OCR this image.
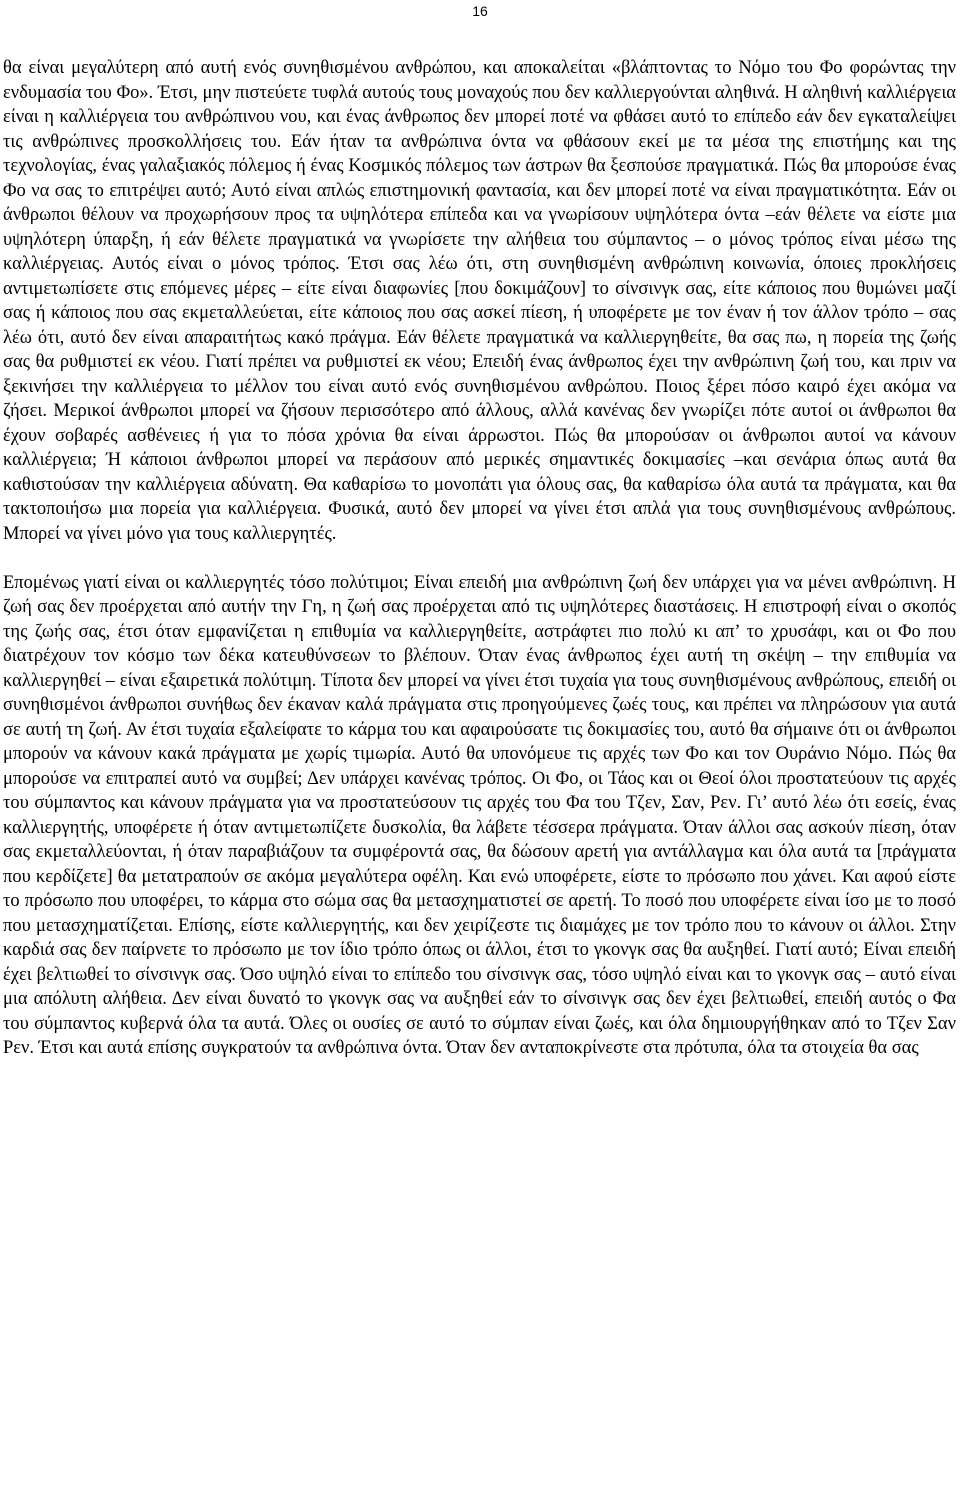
16

θα είναι μεγαλύτερη από αυτή ενός συνηθισμένου ανθρώπου, και αποκαλείται «βλάπτοντας το Νόμο του Φο φορώντας την ενδυμασία του Φο». Έτσι, μην πιστεύετε τυφλά αυτούς τους μοναχούς που δεν καλλιεργούνται αληθινά. Η αληθινή καλλιέργεια είναι η καλλιέργεια του ανθρώπινου νου, και ένας άνθρωπος δεν μπορεί ποτέ να φθάσει αυτό το επίπεδο εάν δεν εγκαταλείψει τις ανθρώπινες προσκολλήσεις του. Εάν ήταν τα ανθρώπινα όντα να φθάσουν εκεί με τα μέσα της επιστήμης και της τεχνολογίας, ένας γαλαξιακός πόλεμος ή ένας Κοσμικός πόλεμος των άστρων θα ξεσπούσε πραγματικά. Πώς θα μπορούσε ένας Φο να σας το επιτρέψει αυτό; Αυτό είναι απλώς επιστημονική φαντασία, και δεν μπορεί ποτέ να είναι πραγματικότητα. Εάν οι άνθρωποι θέλουν να προχωρήσουν προς τα υψηλότερα επίπεδα και να γνωρίσουν υψηλότερα όντα –εάν θέλετε να είστε μια υψηλότερη ύπαρξη, ή εάν θέλετε πραγματικά να γνωρίσετε την αλήθεια του σύμπαντος – ο μόνος τρόπος είναι μέσω της καλλιέργειας. Αυτός είναι ο μόνος τρόπος. Έτσι σας λέω ότι, στη συνηθισμένη ανθρώπινη κοινωνία, όποιες προκλήσεις αντιμετωπίσετε στις επόμενες μέρες – είτε είναι διαφωνίες [που δοκιμάζουν] το σίνσινγκ σας, είτε κάποιος που θυμώνει μαζί σας ή κάποιος που σας εκμεταλλεύεται, είτε κάποιος που σας ασκεί πίεση, ή υποφέρετε με τον έναν ή τον άλλον τρόπο – σας λέω ότι, αυτό δεν είναι απαραιτήτως κακό πράγμα. Εάν θέλετε πραγματικά να καλλιεργηθείτε, θα σας πω, η πορεία της ζωής σας θα ρυθμιστεί εκ νέου. Γιατί πρέπει να ρυθμιστεί εκ νέου; Επειδή ένας άνθρωπος έχει την ανθρώπινη ζωή του, και πριν να ξεκινήσει την καλλιέργεια το μέλλον του είναι αυτό ενός συνηθισμένου ανθρώπου. Ποιος ξέρει πόσο καιρό έχει ακόμα να ζήσει. Μερικοί άνθρωποι μπορεί να ζήσουν περισσότερο από άλλους, αλλά κανένας δεν γνωρίζει πότε αυτοί οι άνθρωποι θα έχουν σοβαρές ασθένειες ή για το πόσα χρόνια θα είναι άρρωστοι. Πώς θα μπορούσαν οι άνθρωποι αυτοί να κάνουν καλλιέργεια; Ή κάποιοι άνθρωποι μπορεί να περάσουν από μερικές σημαντικές δοκιμασίες –και σενάρια όπως αυτά θα καθιστούσαν την καλλιέργεια αδύνατη. Θα καθαρίσω το μονοπάτι για όλους σας, θα καθαρίσω όλα αυτά τα πράγματα, και θα τακτοποιήσω μια πορεία για καλλιέργεια. Φυσικά, αυτό δεν μπορεί να γίνει έτσι απλά για τους συνηθισμένους ανθρώπους. Μπορεί να γίνει μόνο για τους καλλιεργητές.

Επομένως γιατί είναι οι καλλιεργητές τόσο πολύτιμοι; Είναι επειδή μια ανθρώπινη ζωή δεν υπάρχει για να μένει ανθρώπινη. Η ζωή σας δεν προέρχεται από αυτήν την Γη, η ζωή σας προέρχεται από τις υψηλότερες διαστάσεις. Η επιστροφή είναι ο σκοπός της ζωής σας, έτσι όταν εμφανίζεται η επιθυμία να καλλιεργηθείτε, αστράφτει πιο πολύ κι απ’ το χρυσάφι, και οι Φο που διατρέχουν τον κόσμο των δέκα κατευθύνσεων το βλέπουν. Όταν ένας άνθρωπος έχει αυτή τη σκέψη – την επιθυμία να καλλιεργηθεί – είναι εξαιρετικά πολύτιμη. Τίποτα δεν μπορεί να γίνει έτσι τυχαία για τους συνηθισμένους ανθρώπους, επειδή οι συνηθισμένοι άνθρωποι συνήθως δεν έκαναν καλά πράγματα στις προηγούμενες ζωές τους, και πρέπει να πληρώσουν για αυτά σε αυτή τη ζωή. Αν έτσι τυχαία εξαλείφατε το κάρμα του και αφαιρούσατε τις δοκιμασίες του, αυτό θα σήμαινε ότι οι άνθρωποι μπορούν να κάνουν κακά πράγματα με χωρίς τιμωρία. Αυτό θα υπονόμευε τις αρχές των Φο και τον Ουράνιο Νόμο. Πώς θα μπορούσε να επιτραπεί αυτό να συμβεί; Δεν υπάρχει κανένας τρόπος. Οι Φο, οι Τάος και οι Θεοί όλοι προστατεύουν τις αρχές του σύμπαντος και κάνουν πράγματα για να προστατεύσουν τις αρχές του Φα του Τζεν, Σαν, Ρεν. Γι’ αυτό λέω ότι εσείς, ένας καλλιεργητής, υποφέρετε ή όταν αντιμετωπίζετε δυσκολία, θα λάβετε τέσσερα πράγματα. Όταν άλλοι σας ασκούν πίεση, όταν σας εκμεταλλεύονται, ή όταν παραβιάζουν τα συμφέροντά σας, θα δώσουν αρετή για αντάλλαγμα και όλα αυτά τα [πράγματα που κερδίζετε] θα μετατραπούν σε ακόμα μεγαλύτερα οφέλη. Και ενώ υποφέρετε, είστε το πρόσωπο που χάνει. Και αφού είστε το πρόσωπο που υποφέρει, το κάρμα στο σώμα σας θα μετασχηματιστεί σε αρετή. Το ποσό που υποφέρετε είναι ίσο με το ποσό που μετασχηματίζεται. Επίσης, είστε καλλιεργητής, και δεν χειρίζεστε τις διαμάχες με τον τρόπο που το κάνουν οι άλλοι. Στην καρδιά σας δεν παίρνετε το πρόσωπο με τον ίδιο τρόπο όπως οι άλλοι, έτσι το γκονγκ σας θα αυξηθεί. Γιατί αυτό; Είναι επειδή έχει βελτιωθεί το σίνσινγκ σας. Όσο υψηλό είναι το επίπεδο του σίνσινγκ σας, τόσο υψηλό είναι και το γκονγκ σας – αυτό είναι μια απόλυτη αλήθεια. Δεν είναι δυνατό το γκονγκ σας να αυξηθεί εάν το σίνσινγκ σας δεν έχει βελτιωθεί, επειδή αυτός ο Φα του σύμπαντος κυβερνά όλα τα αυτά. Όλες οι ουσίες σε αυτό το σύμπαν είναι ζωές, και όλα δημιουργήθηκαν από το Τζεν Σαν Ρεν. Έτσι και αυτά επίσης συγκρατούν τα ανθρώπινα όντα. Όταν δεν ανταποκρίνεστε στα πρότυπα, όλα τα στοιχεία θα σας
